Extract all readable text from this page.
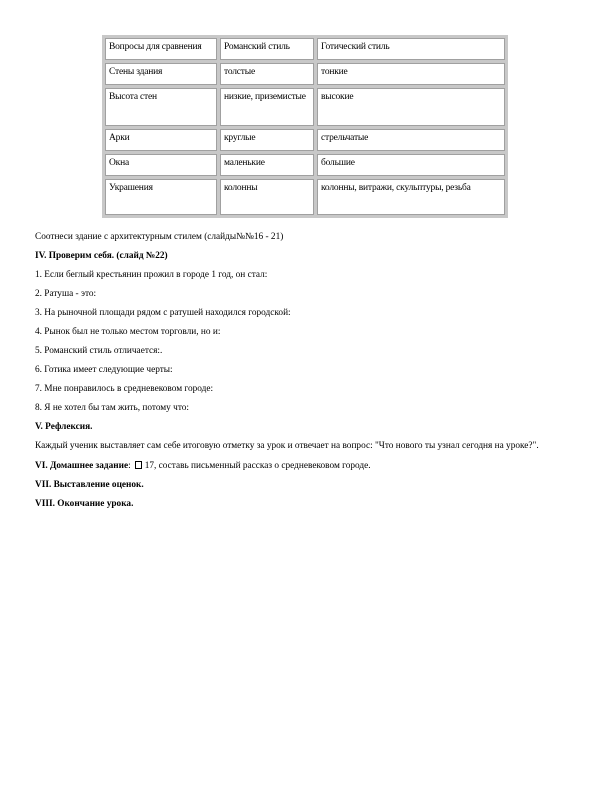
Вопросы для сравнения	Романский стиль	Готический стиль
Стены здания	толстые	тонкие
Высота стен	низкие, приземистые	высокие
Арки	круглые	стрельчатые
Окна	маленькие	большие
Украшения	колонны	колонны, витражи, скульптуры, резьба
Соотнеси здание с архитектурным стилем (слайды№№16 - 21)
IV. Проверим себя. (слайд №22)
1. Если беглый крестьянин прожил в городе 1 год, он стал:
2. Ратуша - это:
3. На рыночной площади рядом с ратушей находился городской:
4. Рынок был не только местом торговли, но и:
5. Романский стиль отличается:.
6. Готика имеет следующие черты:
7. Мне понравилось в средневековом городе:
8. Я не хотел бы там жить, потому что:
V. Рефлексия.
Каждый ученик выставляет сам себе итоговую отметку за урок и отвечает на вопрос: "Что нового ты узнал сегодня на уроке?".
VI. Домашнее задание: 17, составь письменный рассказ о средневековом городе.
VII. Выставление оценок.
VIII. Окончание урока.
